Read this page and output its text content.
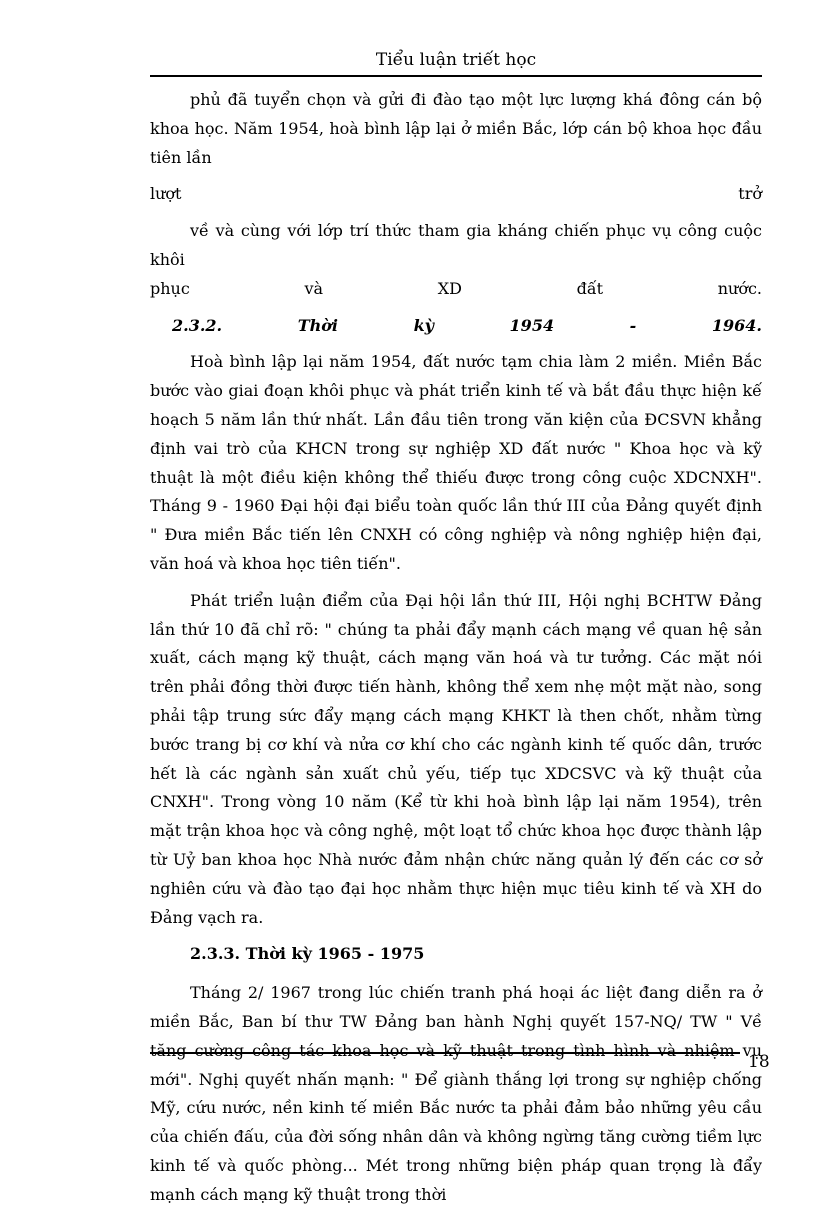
Tiểu luận triết học

phủ đã tuyển chọn và gửi đi đào tạo một lực lượng khá đông cán bộ khoa học. Năm 1954, hoà bình lập lại ở miền Bắc, lớp cán bộ khoa học đầu tiên lần

lượt trở

về và cùng với lớp trí thức tham gia kháng chiến phục vụ công cuộc khôi

phục và XD đất nước.

2.3.2. Thời kỳ 1954 - 1964.

Hoà bình lập lại năm 1954, đất nước tạm chia làm 2 miền. Miền Bắc bước vào giai đoạn khôi phục và phát triển kinh tế và bắt đầu thực hiện kế hoạch 5 năm lần thứ nhất. Lần đầu tiên trong văn kiện của ĐCSVN khẳng định vai trò của KHCN trong sự nghiệp XD đất nước " Khoa học và kỹ thuật là một điều kiện không thể thiếu được trong công cuộc XDCNXH". Tháng 9 - 1960 Đại hội đại biểu toàn quốc lần thứ III của Đảng quyết định " Đưa miền Bắc tiến lên CNXH có công nghiệp và nông nghiệp hiện đại, văn hoá và khoa học tiên tiến".

Phát triển luận điểm của Đại hội lần thứ III, Hội nghị BCHTW Đảng lần thứ 10 đã chỉ rõ: " chúng ta phải đẩy mạnh cách mạng về quan hệ sản xuất, cách mạng kỹ thuật, cách mạng văn hoá và tư tưởng. Các mặt nói trên phải đồng thời được tiến hành, không thể xem nhẹ một mặt nào, song phải tập trung sức đẩy mạng cách mạng KHKT là then chốt, nhằm từng bước trang bị cơ khí và nửa cơ khí cho các ngành kinh tế quốc dân, trước hết là các ngành sản xuất chủ yếu, tiếp tục XDCSVC và kỹ thuật của CNXH". Trong vòng 10 năm (Kể từ khi hoà bình lập lại năm 1954), trên mặt trận khoa học và công nghệ, một loạt tổ chức khoa học được thành lập từ Uỷ ban khoa học Nhà nước đảm nhận chức năng quản lý đến các cơ sở nghiên cứu và đào tạo đại học nhằm thực hiện mục tiêu kinh tế và XH do Đảng vạch ra.

2.3.3. Thời kỳ 1965 - 1975

Tháng 2/ 1967 trong lúc chiến tranh phá hoại ác liệt đang diễn ra ở miền Bắc, Ban bí thư TW Đảng ban hành Nghị quyết 157-NQ/ TW " Về tăng cường công tác khoa học và kỹ thuật trong tình hình và nhiệm vụ mới". Nghị quyết nhấn mạnh: " Để giành thắng lợi trong sự nghiệp chống Mỹ, cứu nước, nền kinh tế miền Bắc nước ta phải đảm bảo những yêu cầu của chiến đấu, của đời sống nhân dân và không ngừng tăng cường tiềm lực kinh tế và quốc phòng... Mét trong những biện pháp quan trọng là đẩy mạnh cách mạng kỹ thuật trong thời

18
